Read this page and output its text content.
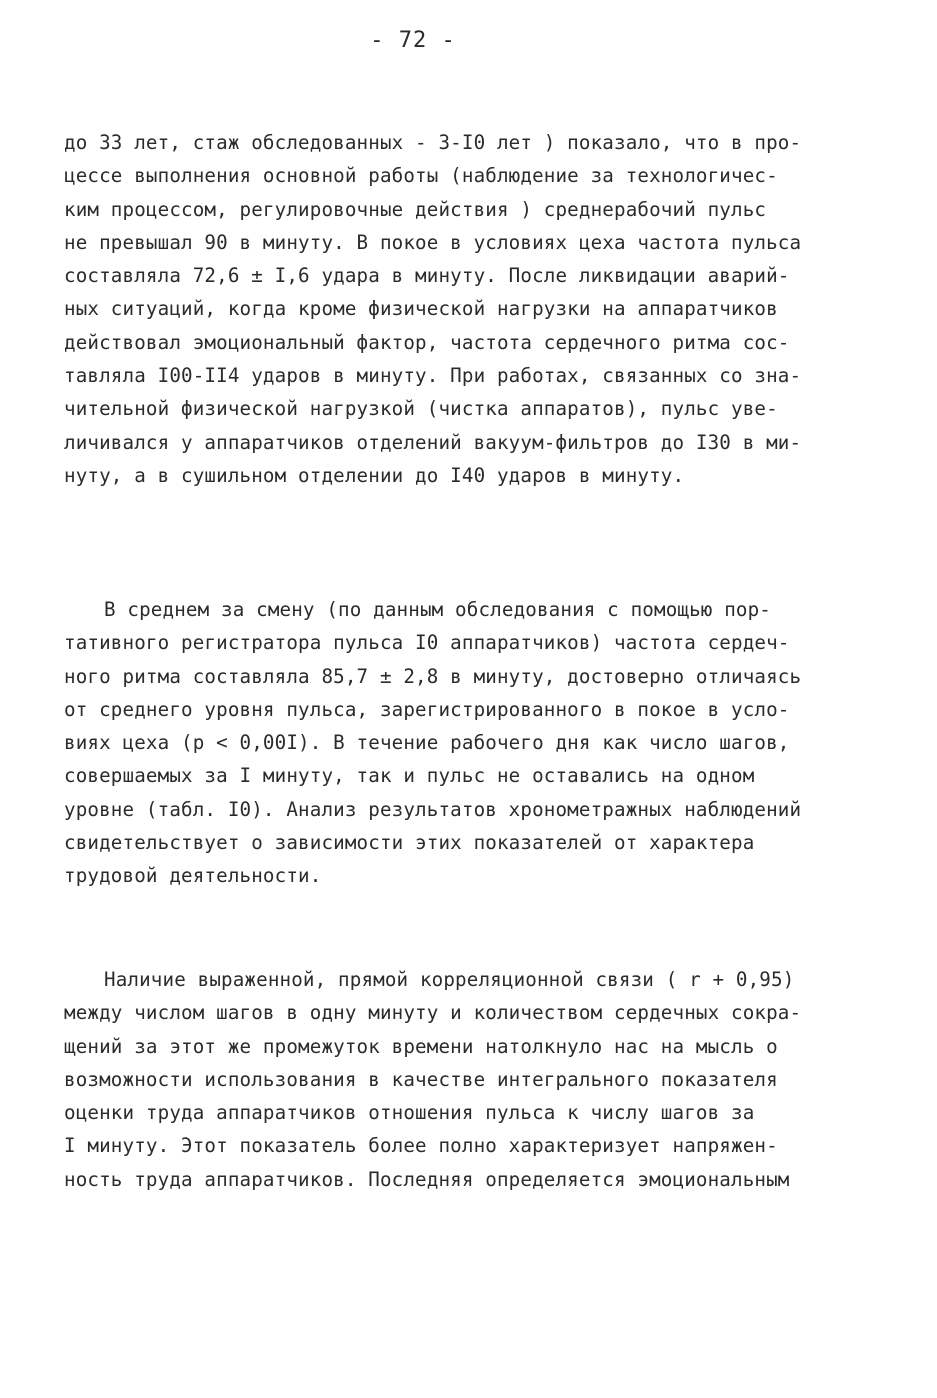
- 72 -
до 33 лет, стаж обследованных - 3-I0 лет ) показало, что в про-
цессе выполнения основной работы (наблюдение за технологичес-
ким процессом, регулировочные действия ) среднерабочий пульс
не превышал 90 в минуту. В покое в условиях цеха частота пульса
составляла 72,6 ± I,6 удара в минуту. После ликвидации аварий-
ных ситуаций, когда кроме физической нагрузки на аппаратчиков
действовал эмоциональный фактор, частота сердечного ритма сос-
тавляла I00-II4 ударов в минуту. При работах, связанных со зна-
чительной физической нагрузкой (чистка аппаратов), пульс уве-
личивался у аппаратчиков отделений вакуум-фильтров до I30 в ми-
нуту, а в сушильном отделении до I40 ударов в минуту.
В среднем за смену (по данным обследования с помощью пор-
тативного регистратора пульса I0 аппаратчиков) частота сердеч-
ного ритма составляла 85,7 ± 2,8 в минуту, достоверно отличаясь
от среднего уровня пульса, зарегистрированного в покое в усло-
виях цеха (p < 0,00I). В течение рабочего дня как число шагов,
совершаемых за I минуту, так и пульс не оставались на одном
уровне (табл. I0). Анализ результатов хронометражных наблюдений
свидетельствует о зависимости этих показателей от характера
трудовой деятельности.
Наличие выраженной, прямой корреляционной связи ( r + 0,95)
между числом шагов в одну минуту и количеством сердечных сокра-
щений за этот же промежуток времени натолкнуло нас на мысль о
возможности использования в качестве интегрального показателя
оценки труда аппаратчиков отношения пульса к числу шагов за
I минуту. Этот показатель более полно характеризует напряжен-
ность труда аппаратчиков. Последняя определяется эмоциональным
